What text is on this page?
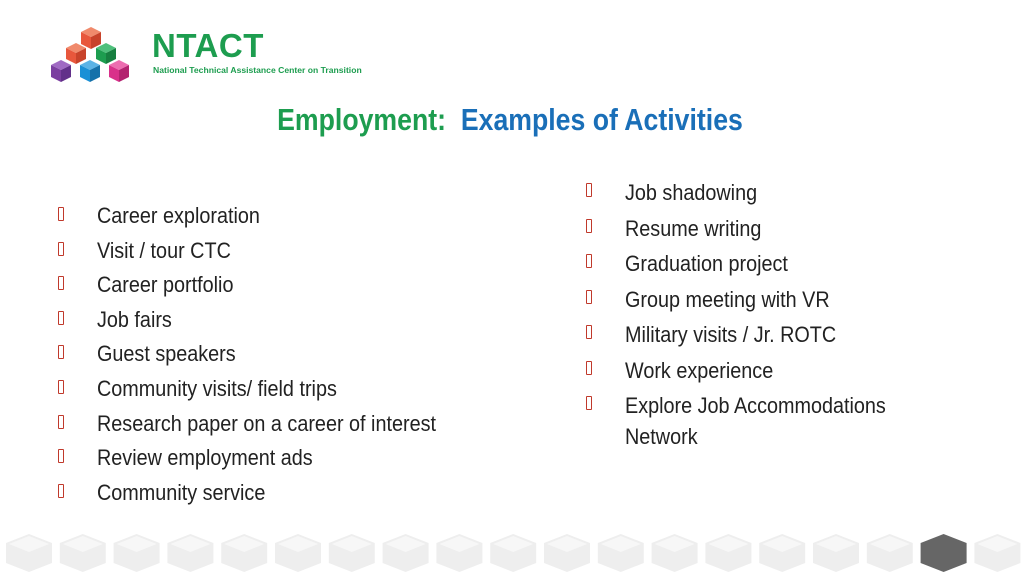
NTACT
National Technical Assistance Center on Transition
Employment: Examples of Activities
Career exploration
Visit / tour CTC
Career portfolio
Job fairs
Guest speakers
Community visits/ field trips
Research paper on a career of interest
Review employment ads
Community service
Job shadowing
Resume writing
Graduation project
Group meeting with VR
Military visits / Jr. ROTC
Work experience
Explore Job Accommodations Network
